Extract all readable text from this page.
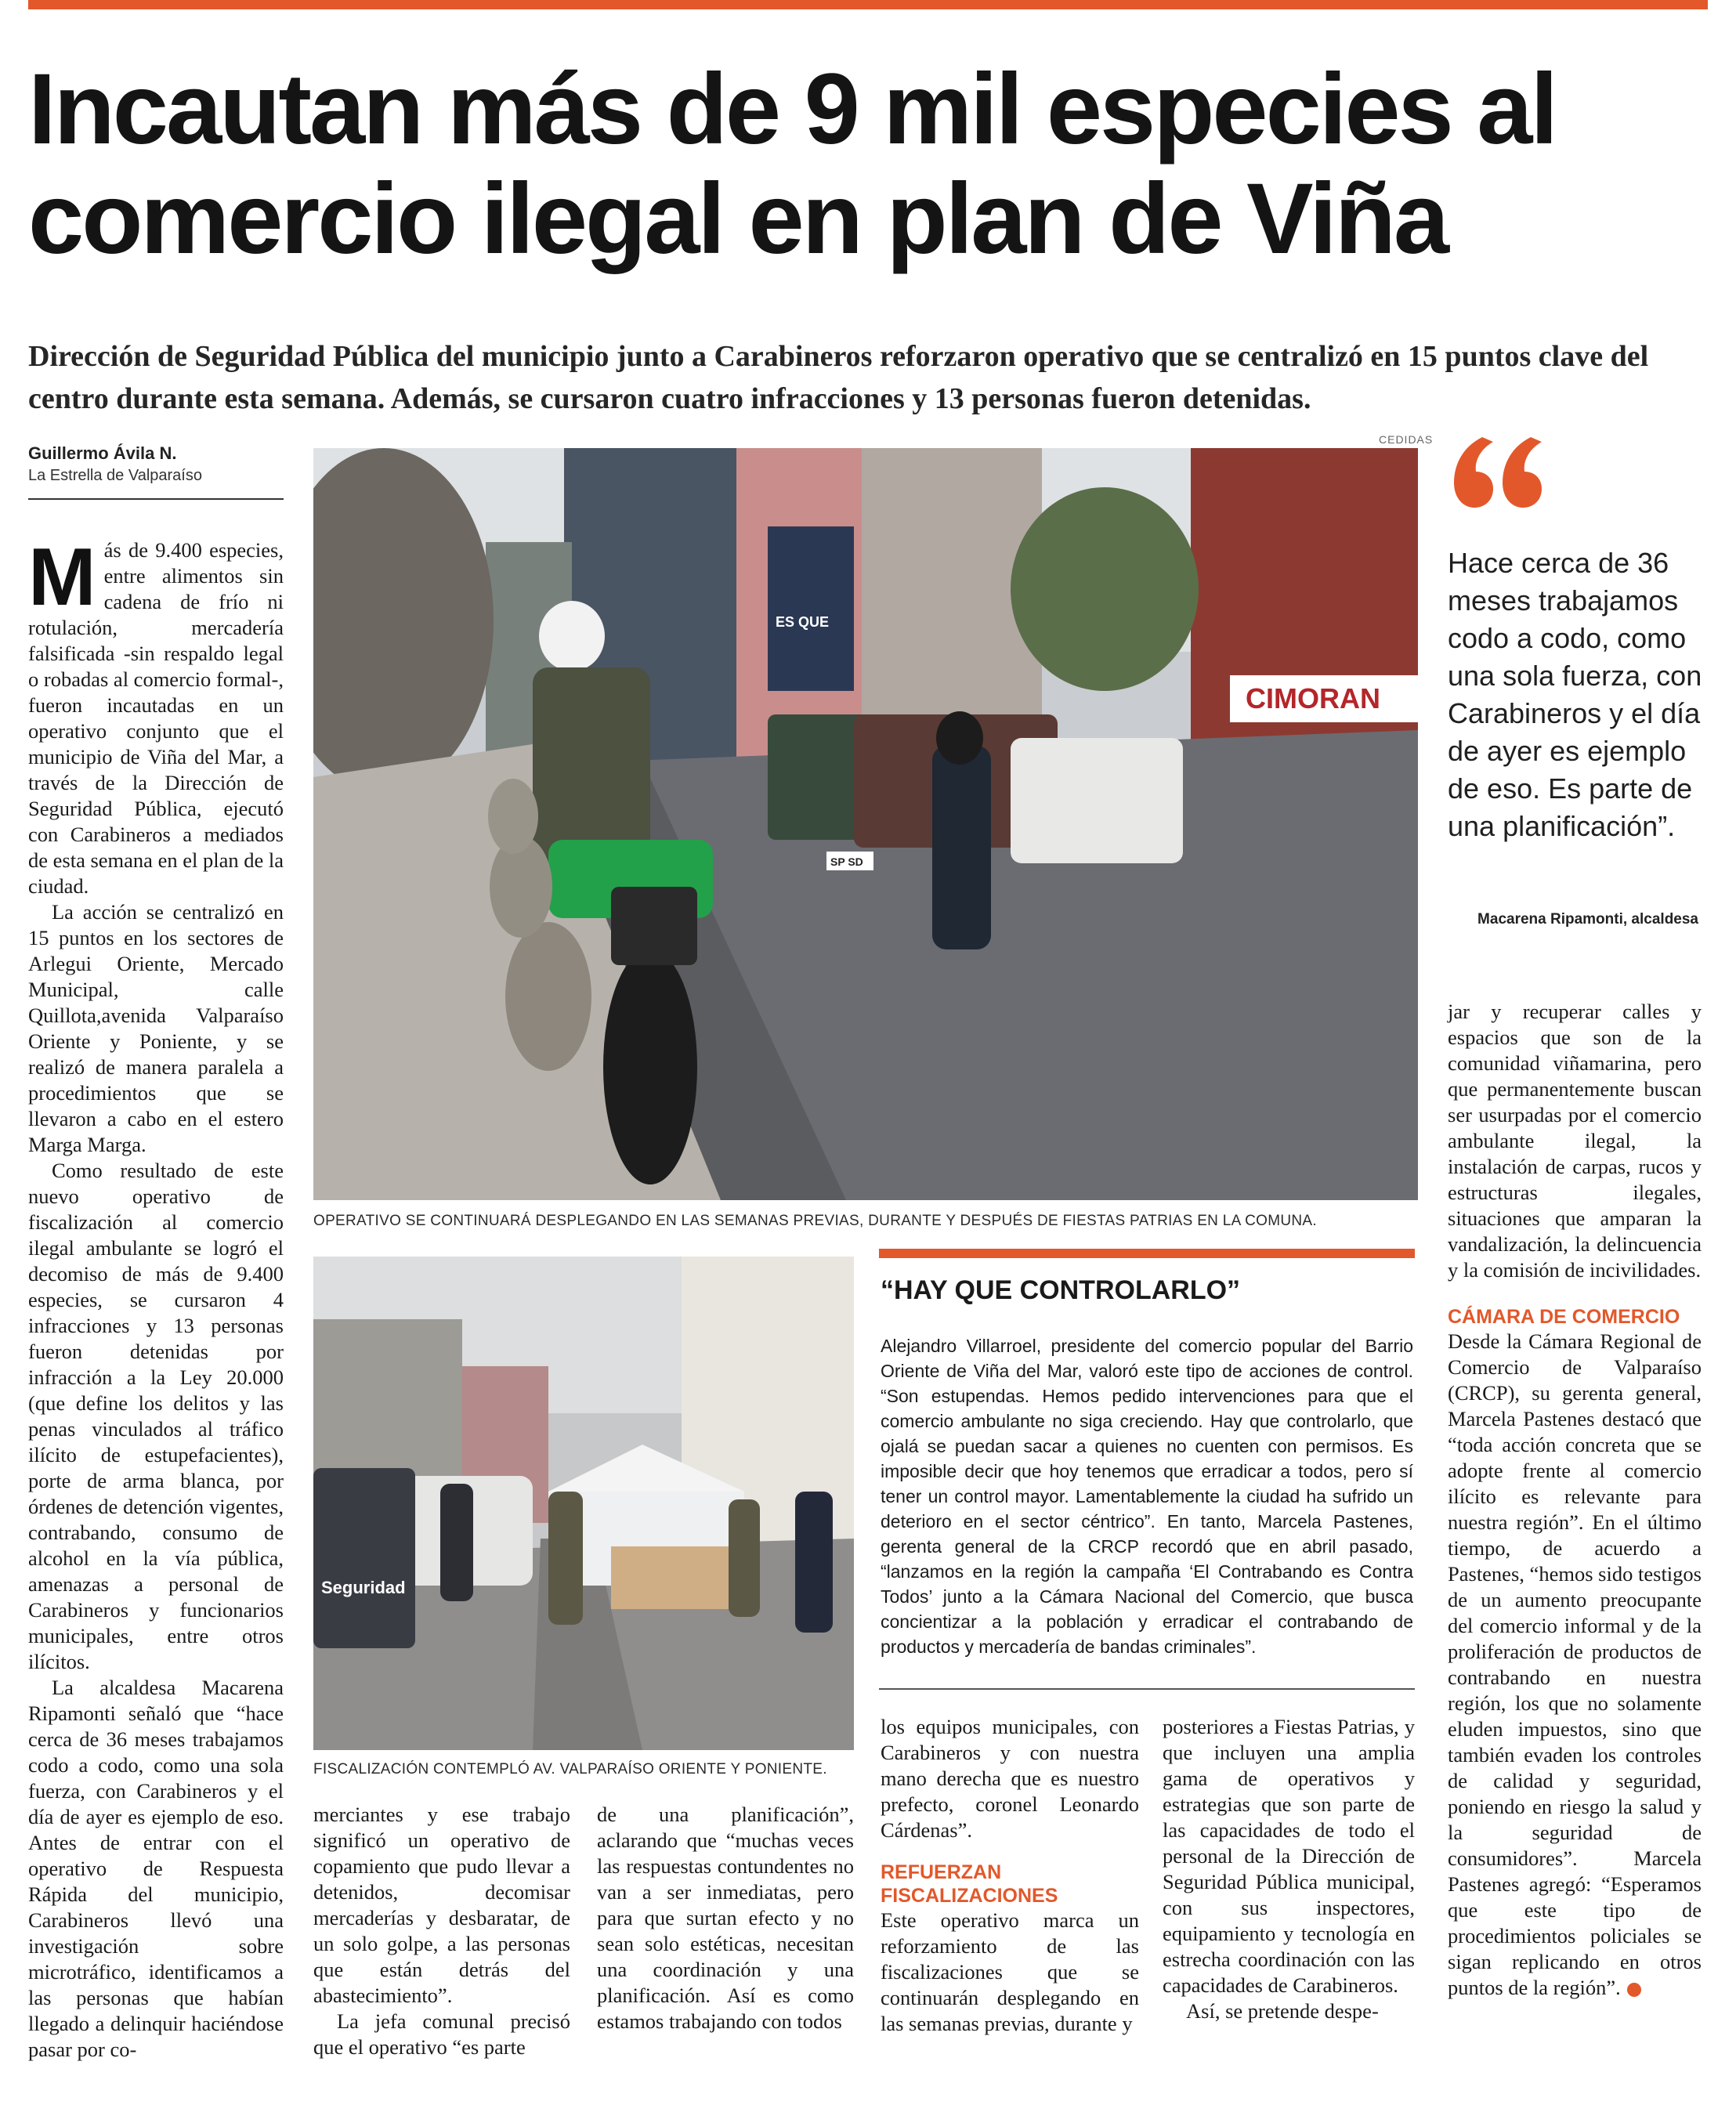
Incautan más de 9 mil especies al comercio ilegal en plan de Viña

Dirección de Seguridad Pública del municipio junto a Carabineros reforzaron operativo que se centralizó en 15 puntos clave del centro durante esta semana. Además, se cursaron cuatro infracciones y 13 personas fueron detenidas.

Guillermo Ávila N.
La Estrella de Valparaíso

Más de 9.400 especies, entre alimentos sin cadena de frío ni rotulación, mercadería falsificada -sin respaldo legal o robadas al comercio formal-, fueron incautadas en un operativo conjunto que el municipio de Viña del Mar, a través de la Dirección de Seguridad Pública, ejecutó con Carabineros a mediados de esta semana en el plan de la ciudad.

La acción se centralizó en 15 puntos en los sectores de Arlegui Oriente, Mercado Municipal, calle Quillota,avenida Valparaíso Oriente y Poniente, y se realizó de manera paralela a procedimientos que se llevaron a cabo en el estero Marga Marga.

Como resultado de este nuevo operativo de fiscalización al comercio ilegal ambulante se logró el decomiso de más de 9.400 especies, se cursaron 4 infracciones y 13 personas fueron detenidas por infracción a la Ley 20.000 (que define los delitos y las penas vinculados al tráfico ilícito de estupefacientes), porte de arma blanca, por órdenes de detención vigentes, contrabando, consumo de alcohol en la vía pública, amenazas a personal de Carabineros y funcionarios municipales, entre otros ilícitos.

La alcaldesa Macarena Ripamonti señaló que “hace cerca de 36 meses trabajamos codo a codo, como una sola fuerza, con Carabineros y el día de ayer es ejemplo de eso. Antes de entrar con el operativo de Respuesta Rápida del municipio, Carabineros llevó una investigación sobre microtráfico, identificamos a las personas que habían llegado a delinquir haciéndose pasar por co-

CEDIDAS
CIMORAN
ES QUE
SP SD
OPERATIVO SE CONTINUARÁ DESPLEGANDO EN LAS SEMANAS PREVIAS, DURANTE Y DESPUÉS DE FIESTAS PATRIAS EN LA COMUNA.
Seguridad
FISCALIZACIÓN CONTEMPLÓ AV. VALPARAÍSO ORIENTE Y PONIENTE.

merciantes y ese trabajo significó un operativo de copamiento que pudo llevar a detenidos, decomisar mercaderías y desbaratar, de un solo golpe, a las personas que están detrás del abastecimiento”.

La jefa comunal precisó que el operativo “es parte

de una planificación”, aclarando que “muchas veces las respuestas contundentes no van a ser inmediatas, pero para que surtan efecto y no sean solo estéticas, necesitan una coordinación y una planificación. Así es como estamos trabajando con todos

“HAY QUE CONTROLARLO”

Alejandro Villarroel, presidente del comercio popular del Barrio Oriente de Viña del Mar, valoró este tipo de acciones de control. “Son estupendas. Hemos pedido intervenciones para que el comercio ambulante no siga creciendo. Hay que controlarlo, que ojalá se puedan sacar a quienes no cuenten con permisos. Es imposible decir que hoy tenemos que erradicar a todos, pero sí tener un control mayor. Lamentablemente la ciudad ha sufrido un deterioro en el sector céntrico”. En tanto, Marcela Pastenes, gerenta general de la CRCP recordó que en abril pasado, “lanzamos en la región la campaña ‘El Contrabando es Contra Todos’ junto a la Cámara Nacional del Comercio, que busca concientizar a la población y erradicar el contrabando de productos y mercadería de bandas criminales”.

los equipos municipales, con Carabineros y con nuestra mano derecha que es nuestro prefecto, coronel Leonardo Cárdenas”.

REFUERZAN FISCALIZACIONES

Este operativo marca un reforzamiento de las fiscalizaciones que se continuarán desplegando en las semanas previas, durante y

posteriores a Fiestas Patrias, y que incluyen una amplia gama de operativos y estrategias que son parte de las capacidades de todo el personal de la Dirección de Seguridad Pública municipal, con sus inspectores, equipamiento y tecnología en estrecha coordinación con las capacidades de Carabineros.

Así, se pretende despe-

Hace cerca de 36 meses trabajamos codo a codo, como una sola fuerza, con Carabineros y el día de ayer es ejemplo de eso. Es parte de una planificación”.
Macarena Ripamonti, alcaldesa

jar y recuperar calles y espacios que son de la comunidad viñamarina, pero que permanentemente buscan ser usurpadas por el comercio ambulante ilegal, la instalación de carpas, rucos y estructuras ilegales, situaciones que amparan la vandalización, la delincuencia y la comisión de incivilidades.

CÁMARA DE COMERCIO

Desde la Cámara Regional de Comercio de Valparaíso (CRCP), su gerenta general, Marcela Pastenes destacó que “toda acción concreta que se adopte frente al comercio ilícito es relevante para nuestra región”. En el último tiempo, de acuerdo a Pastenes, “hemos sido testigos de un aumento preocupante del comercio informal y de la proliferación de productos de contrabando en nuestra región, los que no solamente eluden impuestos, sino que también evaden los controles de calidad y seguridad, poniendo en riesgo la salud y la seguridad de consumidores”. Marcela Pastenes agregó: “Esperamos que este tipo de procedimientos policiales se sigan replicando en otros puntos de la región”.
